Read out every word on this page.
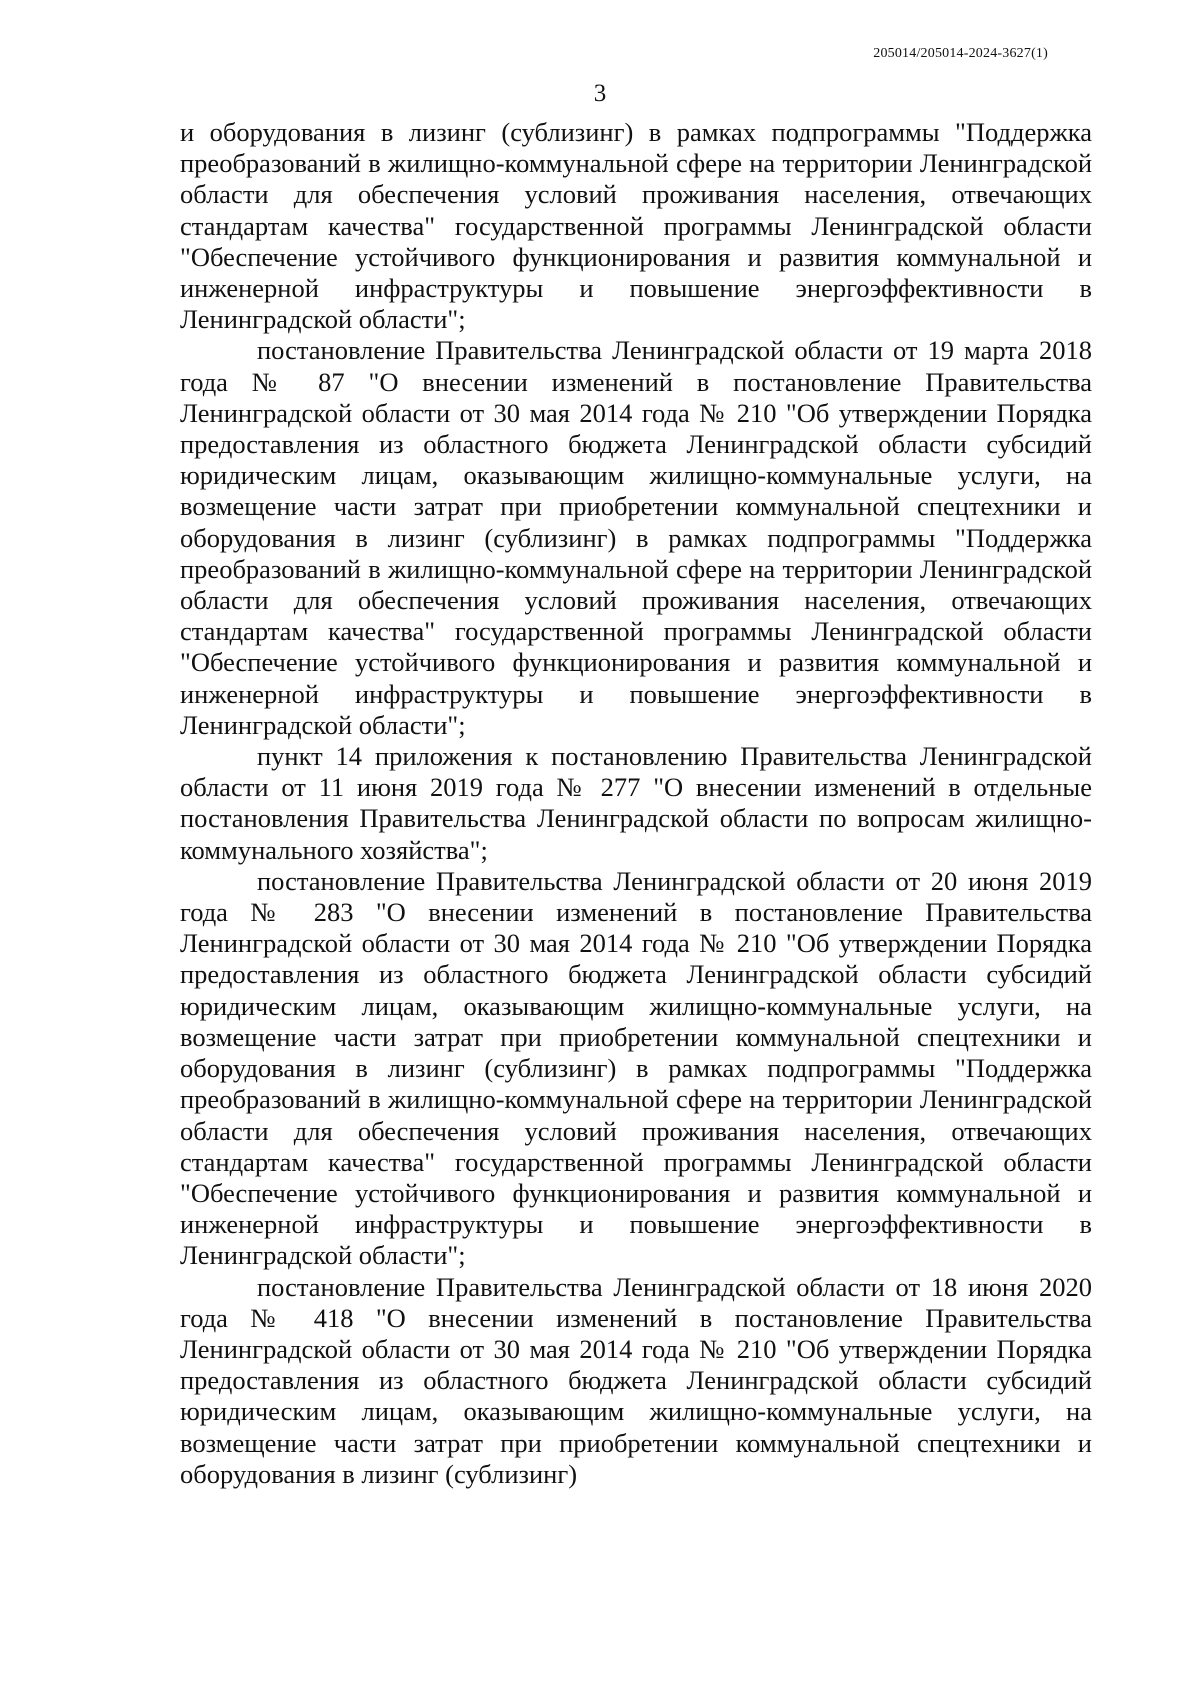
205014/205014-2024-3627(1)
3

и оборудования в лизинг (сублизинг) в рамках подпрограммы "Поддержка преобразований в жилищно-коммунальной сфере на территории Ленинградской области для обеспечения условий проживания населения, отвечающих стандартам качества" государственной программы Ленинградской области "Обеспечение устойчивого функционирования и развития коммунальной и инженерной инфраструктуры и повышение энергоэффективности в Ленинградской области";

постановление Правительства Ленинградской области от 19 марта 2018 года № 87 "О внесении изменений в постановление Правительства Ленинградской области от 30 мая 2014 года № 210 "Об утверждении Порядка предоставления из областного бюджета Ленинградской области субсидий юридическим лицам, оказывающим жилищно-коммунальные услуги, на возмещение части затрат при приобретении коммунальной спецтехники и оборудования в лизинг (сублизинг) в рамках подпрограммы "Поддержка преобразований в жилищно-коммунальной сфере на территории Ленинградской области для обеспечения условий проживания населения, отвечающих стандартам качества" государственной программы Ленинградской области "Обеспечение устойчивого функционирования и развития коммунальной и инженерной инфраструктуры и повышение энергоэффективности в Ленинградской области";

пункт 14 приложения к постановлению Правительства Ленинградской области от 11 июня 2019 года № 277 "О внесении изменений в отдельные постановления Правительства Ленинградской области по вопросам жилищно-коммунального хозяйства";

постановление Правительства Ленинградской области от 20 июня 2019 года № 283 "О внесении изменений в постановление Правительства Ленинградской области от 30 мая 2014 года № 210 "Об утверждении Порядка предоставления из областного бюджета Ленинградской области субсидий юридическим лицам, оказывающим жилищно-коммунальные услуги, на возмещение части затрат при приобретении коммунальной спецтехники и оборудования в лизинг (сублизинг) в рамках подпрограммы "Поддержка преобразований в жилищно-коммунальной сфере на территории Ленинградской области для обеспечения условий проживания населения, отвечающих стандартам качества" государственной программы Ленинградской области "Обеспечение устойчивого функционирования и развития коммунальной и инженерной инфраструктуры и повышение энергоэффективности в Ленинградской области";

постановление Правительства Ленинградской области от 18 июня 2020 года № 418 "О внесении изменений в постановление Правительства Ленинградской области от 30 мая 2014 года № 210 "Об утверждении Порядка предоставления из областного бюджета Ленинградской области субсидий юридическим лицам, оказывающим жилищно-коммунальные услуги, на возмещение части затрат при приобретении коммунальной спецтехники и оборудования в лизинг (сублизинг)
